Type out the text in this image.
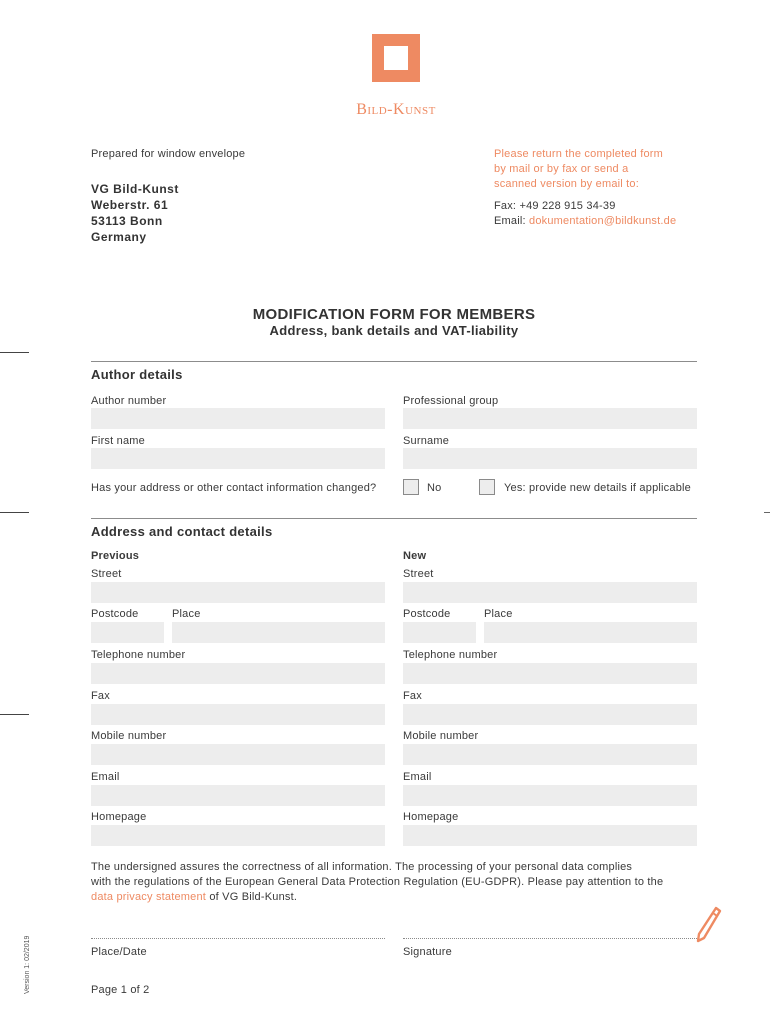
Bild-Kunst
Prepared for window envelope
VG Bild-Kunst
Weberstr. 61
53113 Bonn
Germany
Please return the completed form
by mail or by fax or send a
scanned version by email to:
Fax: +49 228 915 34-39
Email: dokumentation@bildkunst.de
MODIFICATION FORM FOR MEMBERS
Address, bank details and VAT-liability
Author details
Author number	Professional group
First name	Surname
Has your address or other contact information changed?	No	Yes: provide new details if applicable
Address and contact details
Previous	New
Street	Street
Postcode	Place	Postcode	Place
Telephone number	Telephone number
Fax	Fax
Mobile number	Mobile number
Email	Email
Homepage	Homepage
The undersigned assures the correctness of all information. The processing of your personal data complies
with the regulations of the European General Data Protection Regulation (EU-GDPR). Please pay attention to the
data privacy statement of VG Bild-Kunst.
Place/Date	Signature
Page 1 of 2
Version 1: 02/2019
